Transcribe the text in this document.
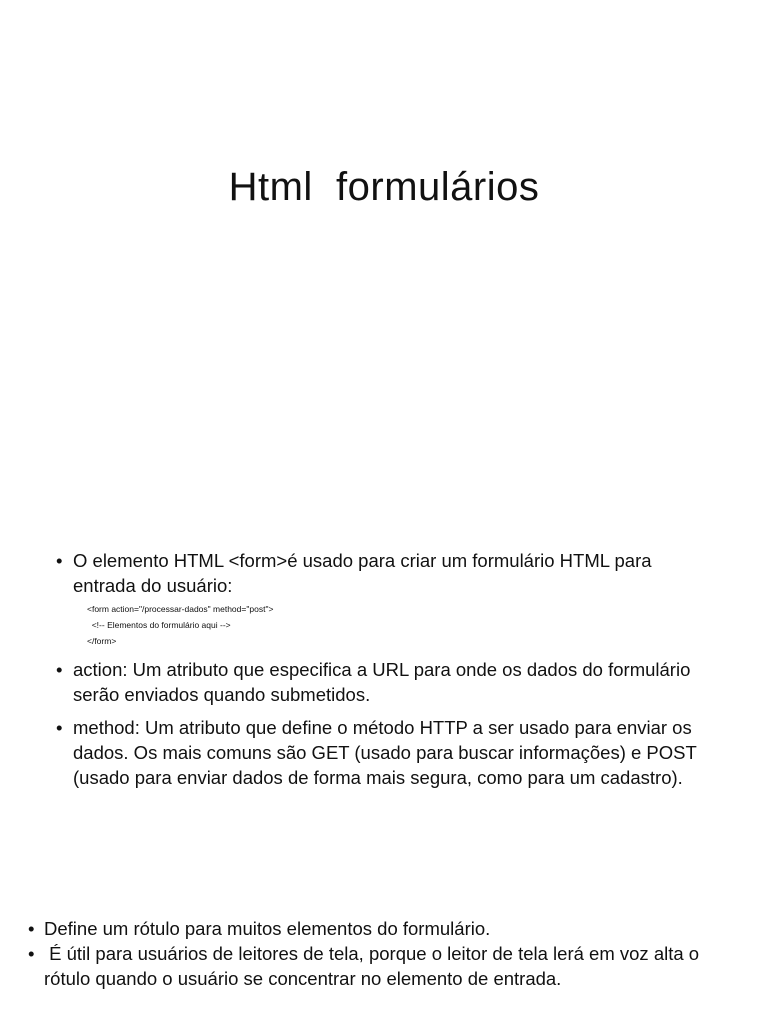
Html  formulários
• O elemento HTML <form>é usado para criar um formulário HTML para entrada do usuário:
<form action="/processar-dados" method="post">
<!-- Elementos do formulário aqui -->
</form>
• action: Um atributo que especifica a URL para onde os dados do formulário serão enviados quando submetidos.
• method: Um atributo que define o método HTTP a ser usado para enviar os dados. Os mais comuns são GET (usado para buscar informações) e POST (usado para enviar dados de forma mais segura, como para um cadastro).
• Define um rótulo para muitos elementos do formulário.
• É útil para usuários de leitores de tela, porque o leitor de tela lerá em voz alta o rótulo quando o usuário se concentrar no elemento de entrada.
